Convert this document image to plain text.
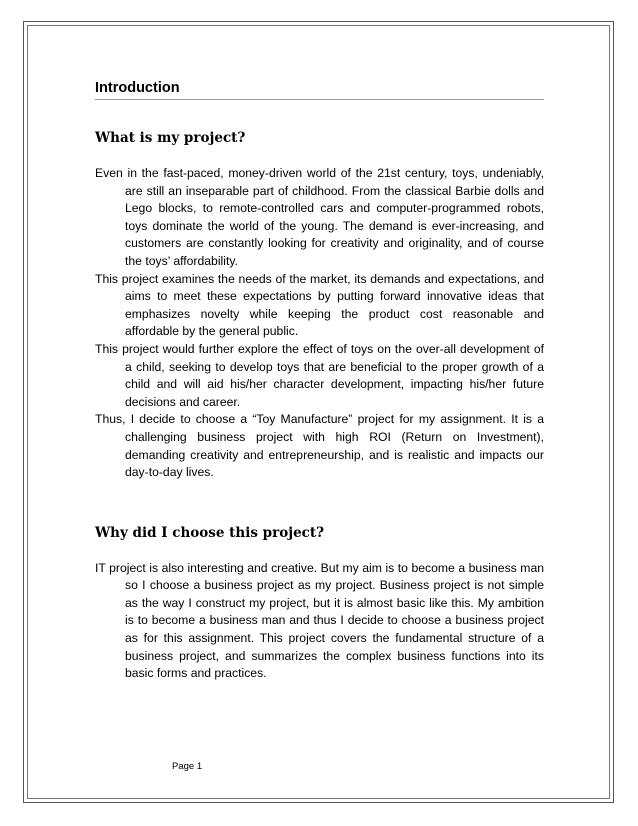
Introduction
What is my project?

Even in the fast-paced, money-driven world of the 21st century, toys, undeniably, are still an inseparable part of childhood. From the classical Barbie dolls and Lego blocks, to remote-controlled cars and computer-programmed robots, toys dominate the world of the young. The demand is ever-increasing, and customers are constantly looking for creativity and originality, and of course the toys’ affordability.

This project examines the needs of the market, its demands and expectations, and aims to meet these expectations by putting forward innovative ideas that emphasizes novelty while keeping the product cost reasonable and affordable by the general public.

This project would further explore the effect of toys on the over-all development of a child, seeking to develop toys that are beneficial to the proper growth of a child and will aid his/her character development, impacting his/her future decisions and career.

Thus, I decide to choose a “Toy Manufacture” project for my assignment. It is a challenging business project with high ROI (Return on Investment), demanding creativity and entrepreneurship, and is realistic and impacts our day-to-day lives.

Why did I choose this project?

IT project is also interesting and creative. But my aim is to become a business man so I choose a business project as my project. Business project is not simple as the way I construct my project, but it is almost basic like this. My ambition is to become a business man and thus I decide to choose a business project as for this assignment. This project covers the fundamental structure of a business project, and summarizes the complex business functions into its basic forms and practices.

Page 1
